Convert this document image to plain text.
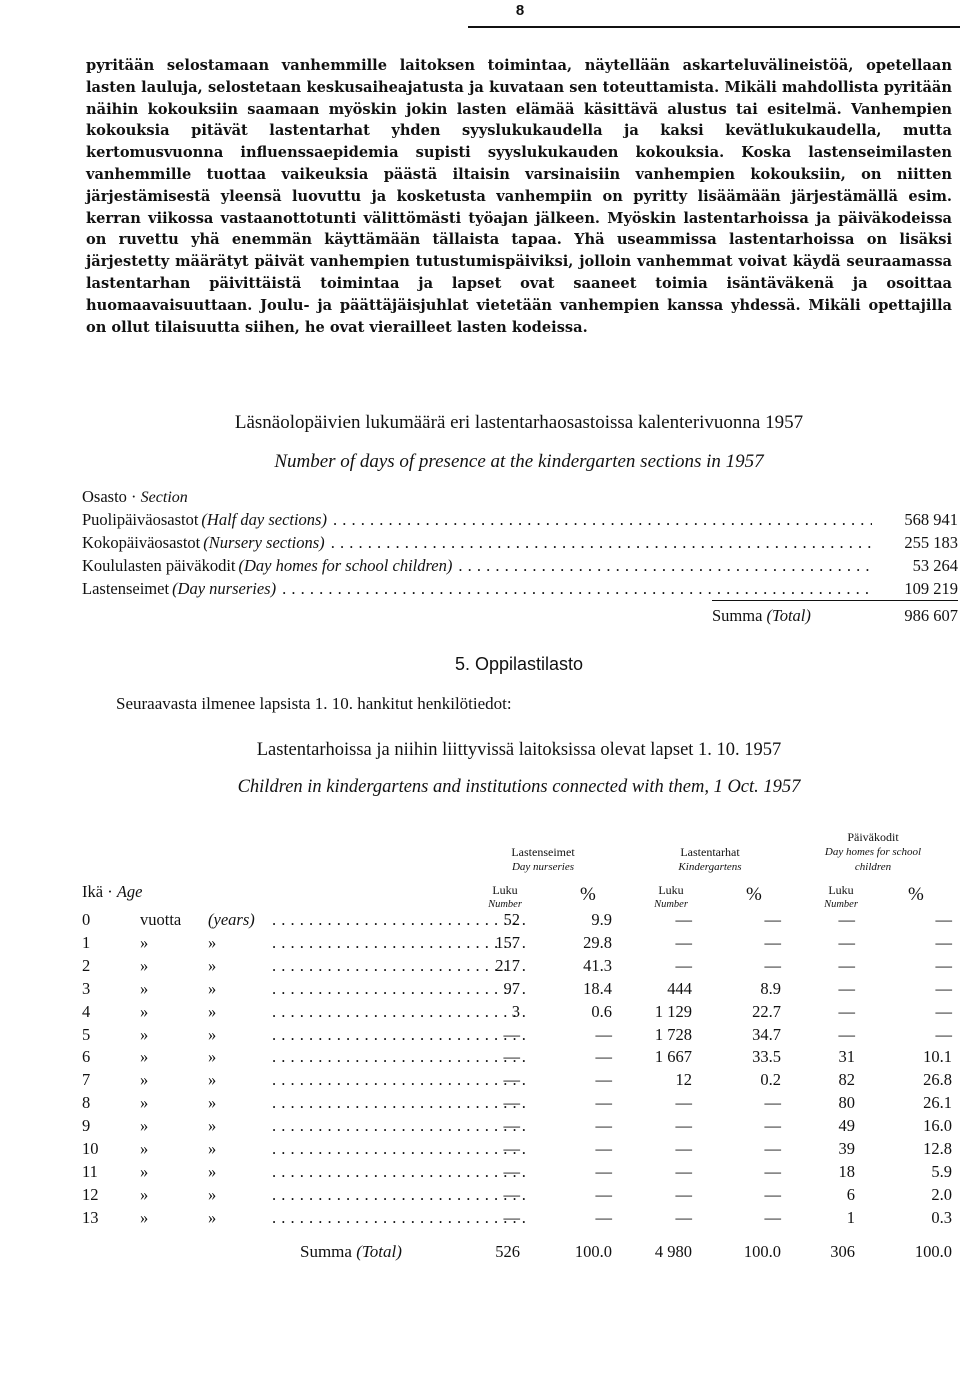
8

pyritään selostamaan vanhemmille laitoksen toimintaa, näytellään askarteluvälineistöä, opetellaan lasten lauluja, selostetaan keskusaiheajatusta ja kuvataan sen toteuttamista. Mikäli mahdollista pyritään näihin kokouksiin saamaan myöskin jokin lasten elämää käsittävä alustus tai esitelmä. Vanhempien kokouksia pitävät lastentarhat yhden syyslukukaudella ja kaksi kevätlukukaudella, mutta kertomusvuonna influenssaepidemia supisti syyslukukauden kokouksia. Koska lastenseimilasten vanhemmille tuottaa vaikeuksia päästä iltaisin varsinaisiin vanhempien kokouksiin, on niitten järjestämisestä yleensä luovuttu ja kosketusta vanhempiin on pyritty lisäämään järjestämällä esim. kerran viikossa vastaanottotunti välittömästi työajan jälkeen. Myöskin lastentarhoissa ja päiväkodeissa on ruvettu yhä enemmän käyttämään tällaista tapaa. Yhä useammissa lastentarhoissa on lisäksi järjestetty määrätyt päivät vanhempien tutustumispäiviksi, jolloin vanhemmat voivat käydä seuraamassa lastentarhan päivittäistä toimintaa ja lapset ovat saaneet toimia isäntäväkenä ja osoittaa huomaavaisuuttaan. Joulu- ja päättäjäisjuhlat vietetään vanhempien kanssa yhdessä. Mikäli opettajilla on ollut tilaisuutta siihen, he ovat vierailleet lasten kodeissa.

Läsnäolopäivien lukumäärä eri lastentarhaosastoissa kalenterivuonna 1957
Number of days of presence at the kindergarten sections in 1957
Osasto · Section
Puolipäiväosastot (Half day sections) . . .	568 941
Kokopäiväosastot (Nursery sections) . . .	255 183
Koululasten päiväkodit (Day homes for school children) . . .	53 264
Lastenseimet (Day nurseries) . . .	109 219
Summa (Total)	986 607
5. Oppilastilasto
Seuraavasta ilmenee lapsista 1. 10. hankitut henkilötiedot:
Lastentarhoissa ja niihin liittyvissä laitoksissa olevat lapset 1. 10. 1957
Children in kindergartens and institutions connected with them, 1 Oct. 1957
Lastenseimet
Day nurseries
Lastentarhat
Kindergartens
Päiväkodit
Day homes for school children
Luku
Number	%	Luku
Number	%	Luku
Number	%
Ikä · Age
0	vuotta	(years) . . .	52	9.9	—	—	—	—
1	»	» . . .	157	29.8	—	—	—	—
2	»	» . . .	217	41.3	—	—	—	—
3	»	» . . .	97	18.4	444	8.9	—	—
4	»	» . . .	3	0.6	1 129	22.7	—	—
5	»	» . . .	—	—	1 728	34.7	—	—
6	»	» . . .	—	—	1 667	33.5	31	10.1
7	»	» . . .	—	—	12	0.2	82	26.8
8	»	» . . .	—	—	—	—	80	26.1
9	»	» . . .	—	—	—	—	49	16.0
10	»	» . . .	—	—	—	—	39	12.8
11	»	» . . .	—	—	—	—	18	5.9
12	»	» . . .	—	—	—	—	6	2.0
13	»	» . . .	—	—	—	—	1	0.3
Summa (Total)	526	100.0	4 980	100.0	306	100.0
